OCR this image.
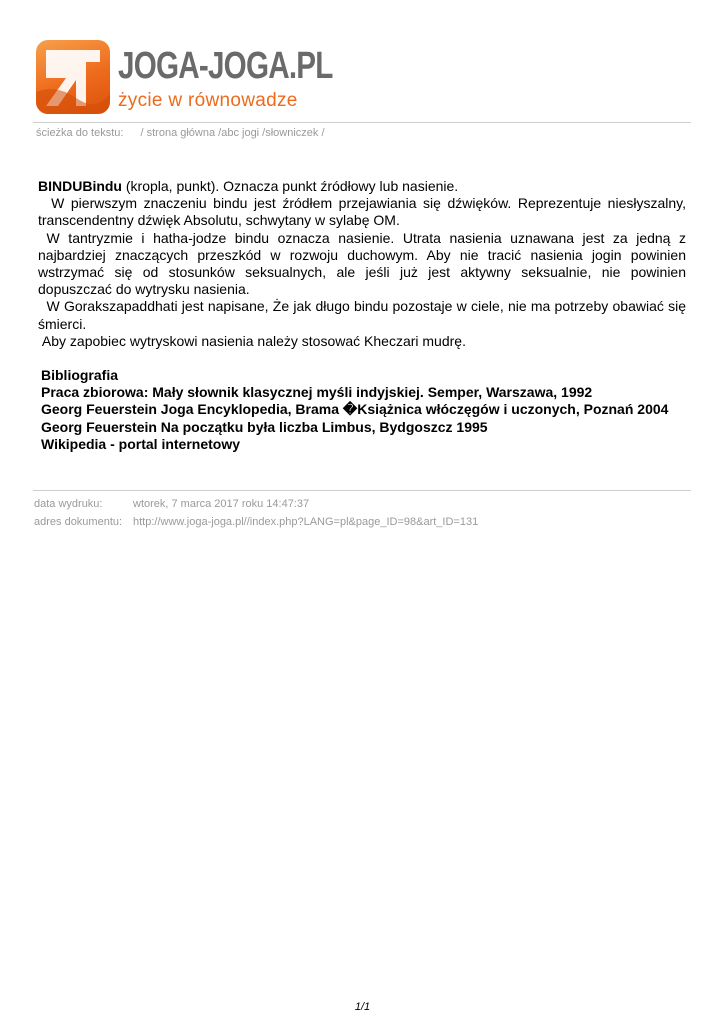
JOGA-JOGA.PL
życie w równowadze
ścieżka do tekstu: / strona główna /abc jogi /słowniczek /

BINDUBindu (kropla, punkt). Oznacza punkt źródłowy lub nasienie.

W pierwszym znaczeniu bindu jest źródłem przejawiania się dźwięków. Reprezentuje niesłyszalny, transcendentny dźwięk Absolutu, schwytany w sylabę OM.

W tantryzmie i hatha-jodze bindu oznacza nasienie. Utrata nasienia uznawana jest za jedną z najbardziej znaczących przeszkód w rozwoju duchowym. Aby nie tracić nasienia jogin powinien wstrzymać się od stosunków seksualnych, ale jeśli już jest aktywny seksualnie, nie powinien dopuszczać do wytrysku nasienia.

W Gorakszapaddhati jest napisane, Że jak długo bindu pozostaje w ciele, nie ma potrzeby obawiać się śmierci.

Aby zapobiec wytryskowi nasienia należy stosować Kheczari mudrę.

Bibliografia
Praca zbiorowa: Mały słownik klasycznej myśli indyjskiej. Semper, Warszawa, 1992
Georg Feuerstein Joga Encyklopedia, Brama �Książnica włóczęgów i uczonych, Poznań 2004
Georg Feuerstein Na początku była liczba Limbus, Bydgoszcz 1995
Wikipedia - portal internetowy
data wydruku:	wtorek, 7 marca 2017 roku 14:47:37
adres dokumentu: http://www.joga-joga.pl//index.php?LANG=pl&page_ID=98&art_ID=131
1/1
